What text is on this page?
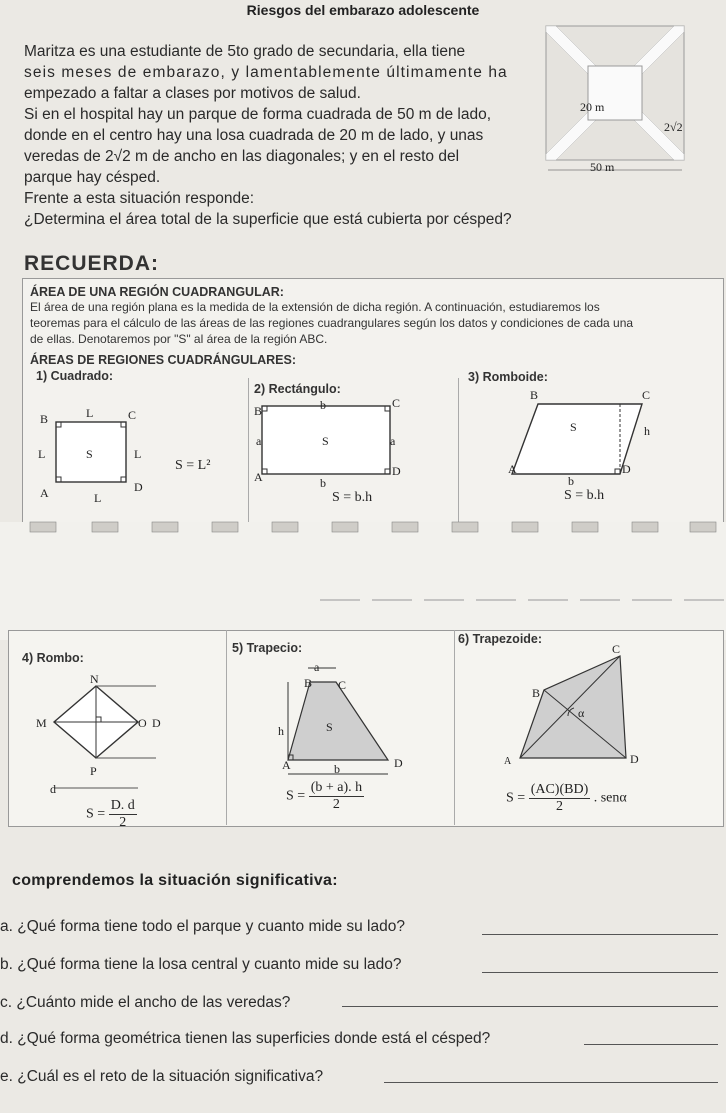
Riesgos del embarazo adolescente
Maritza es una estudiante de 5to grado de secundaria, ella tiene
seis meses de embarazo, y lamentablemente últimamente ha
empezado a faltar a clases por motivos de salud.
Si en el hospital hay un parque de forma cuadrada de 50 m de lado,
donde en el centro hay una losa cuadrada de 20 m de lado, y unas
veredas de 2√2 m de ancho en las diagonales; y en el resto del
parque hay césped.
Frente a esta situación responde:
¿Determina el área total de la superficie que está cubierta por césped?
20 m
2√2
50 m
RECUERDA:
ÁREA DE UNA REGIÓN CUADRANGULAR:
El área de una región plana es la medida de la extensión de dicha región. A continuación, estudiaremos los
teoremas para el cálculo de las áreas de las regiones cuadrangulares según los datos y condiciones de cada una
de ellas. Denotaremos por "S" al área de la región ABC.
ÁREAS DE REGIONES CUADRÁNGULARES:
1) Cuadrado:
B	C
A	D
L
L	L
L
S
S = L²
2) Rectángulo:
B
C
A	D
b
b
a	a
S
S = b.h
3) Romboide:
B	C
A	D
b
h
S
S = b.h
4) Rombo:
N
M	O D
P
d
$S = \frac{D. d}{2}$
5) Trapecio:
a
B C
A	D
b
h	S
$S = \frac{(b + a). h}{2}$
6) Trapezoide:
C
B
A	D
α
$S = \frac{(AC)(BD)}{2}$ . senα
comprendemos la situación significativa:
a. ¿Qué forma tiene todo el parque y cuanto mide su lado?
b. ¿Qué forma tiene la losa central y cuanto mide su lado?
c. ¿Cuánto mide el ancho de las veredas?
d. ¿Qué forma geométrica tienen las superficies donde está el césped?
e. ¿Cuál es el reto de la situación significativa?
